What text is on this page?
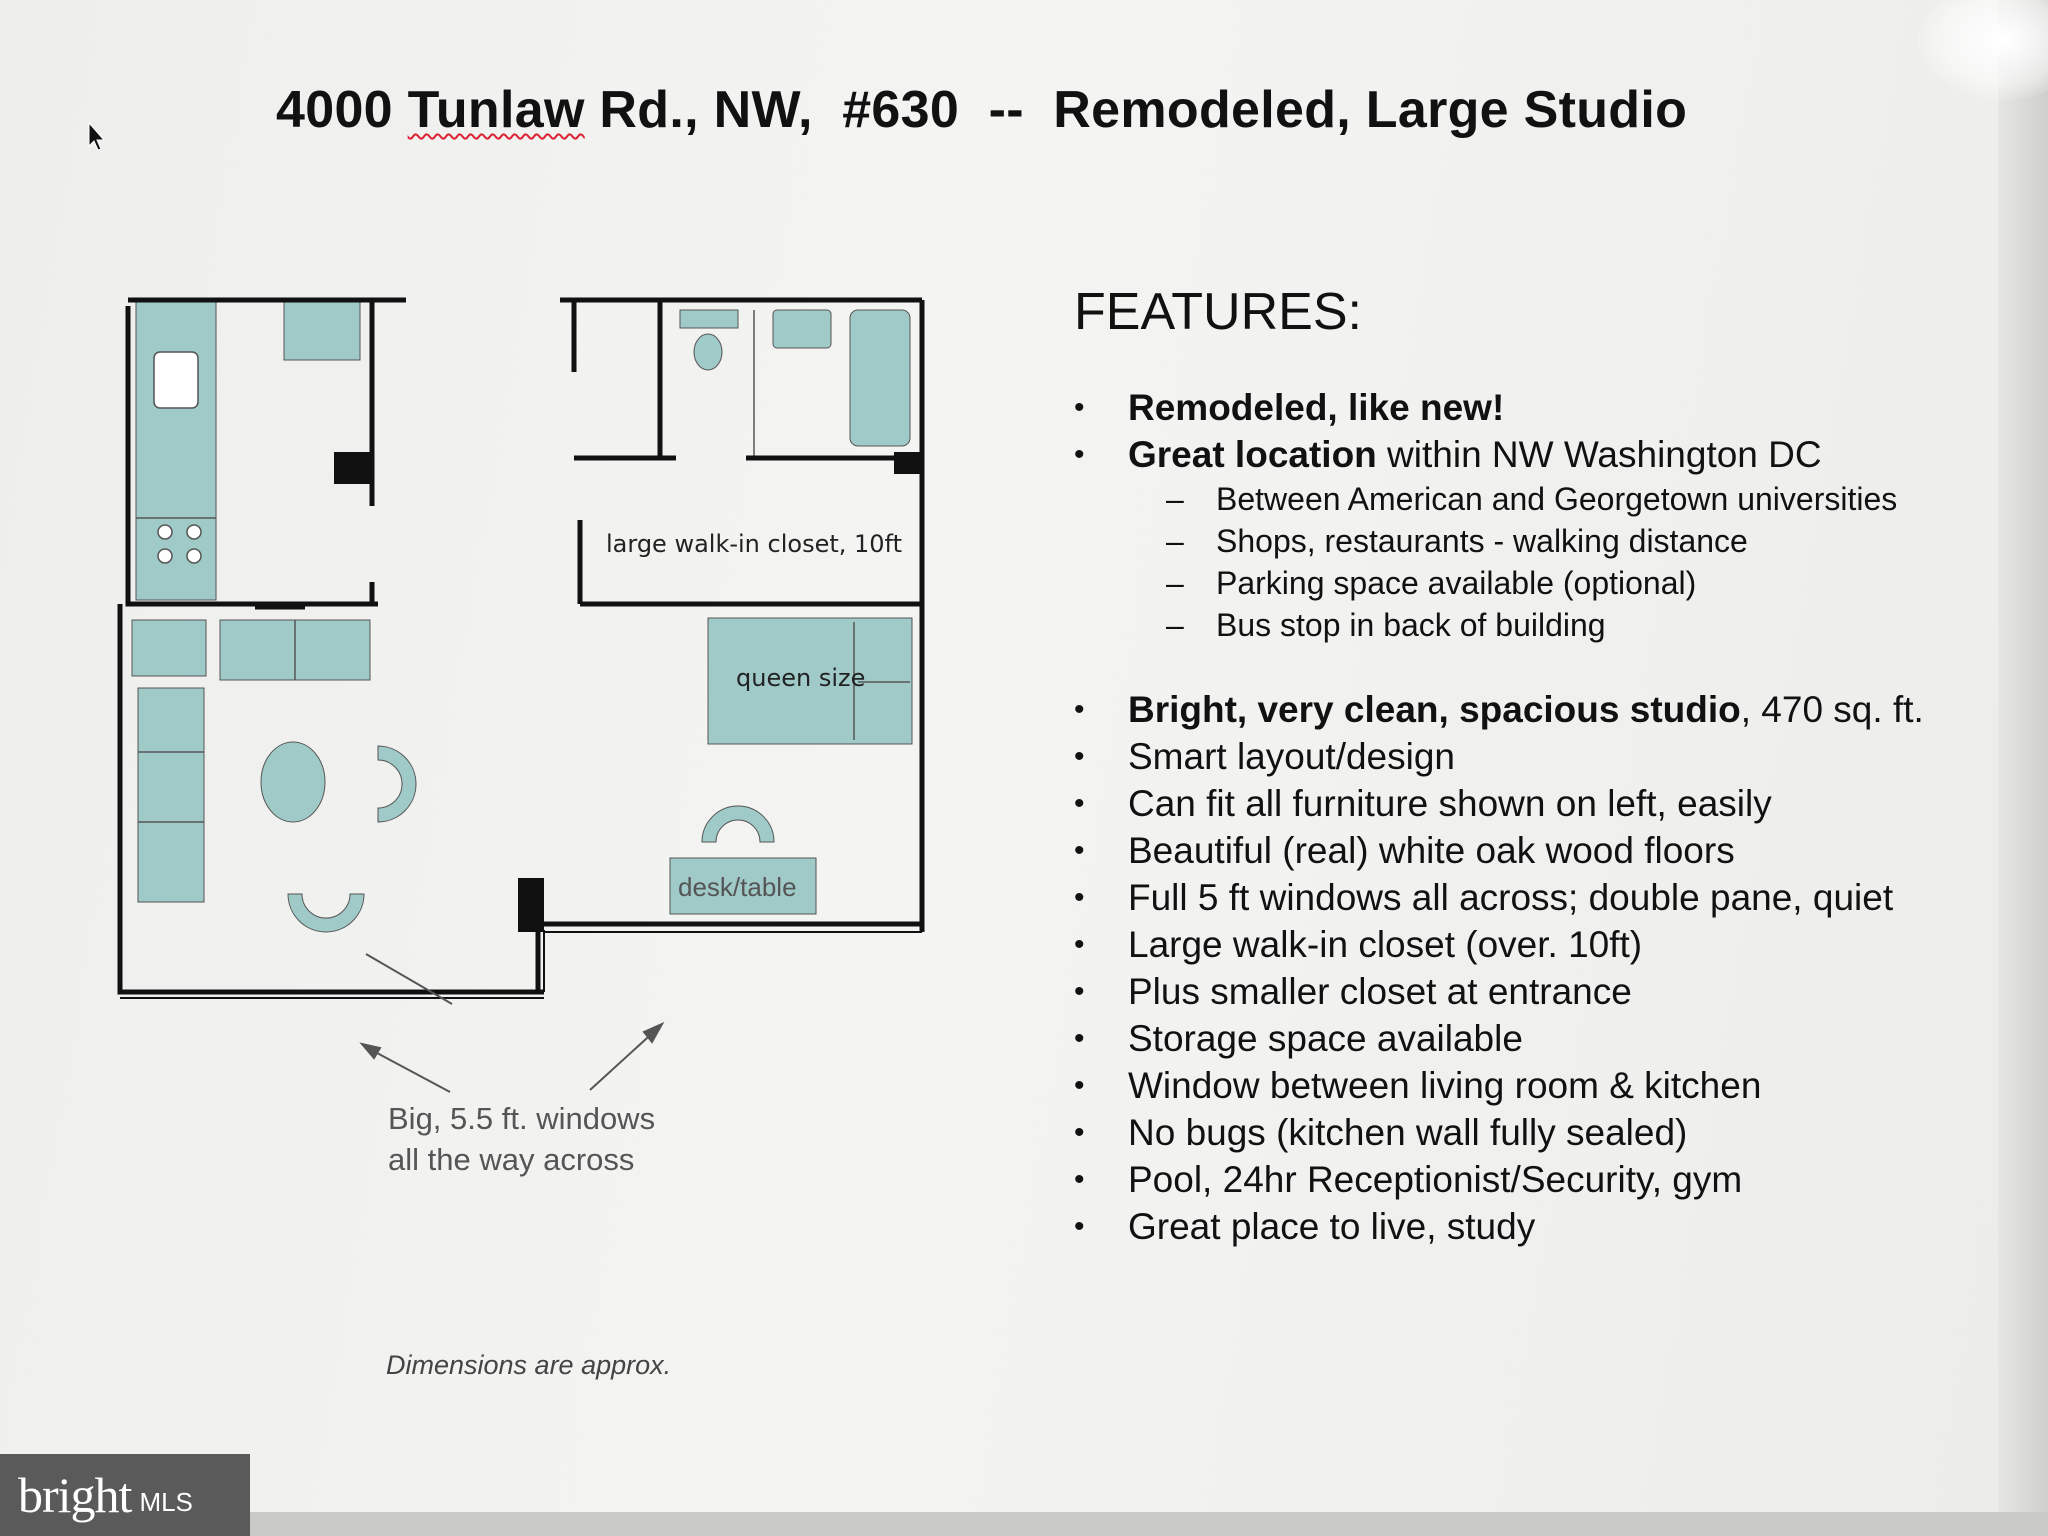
4000 Tunlaw Rd., NW,  #630  --  Remodeled, Large Studio
large walk-in closet, 10ft
queen size
desk/table

Big, 5.5 ft. windows
all the way across

Dimensions are approx.

FEATURES:
• Remodeled, like new!
• Great location within NW Washington DC
– Between American and Georgetown universities
– Shops, restaurants - walking distance
– Parking space available (optional)
– Bus stop in back of building
• Bright, very clean, spacious studio, 470 sq. ft.
• Smart layout/design
• Can fit all furniture shown on left, easily
• Beautiful (real) white oak wood floors
• Full 5 ft windows all across; double pane, quiet
• Large walk-in closet (over. 10ft)
• Plus smaller closet at entrance
• Storage space available
• Window between living room & kitchen
• No bugs (kitchen wall fully sealed)
• Pool, 24hr Receptionist/Security, gym
• Great place to live, study
bright MLS
